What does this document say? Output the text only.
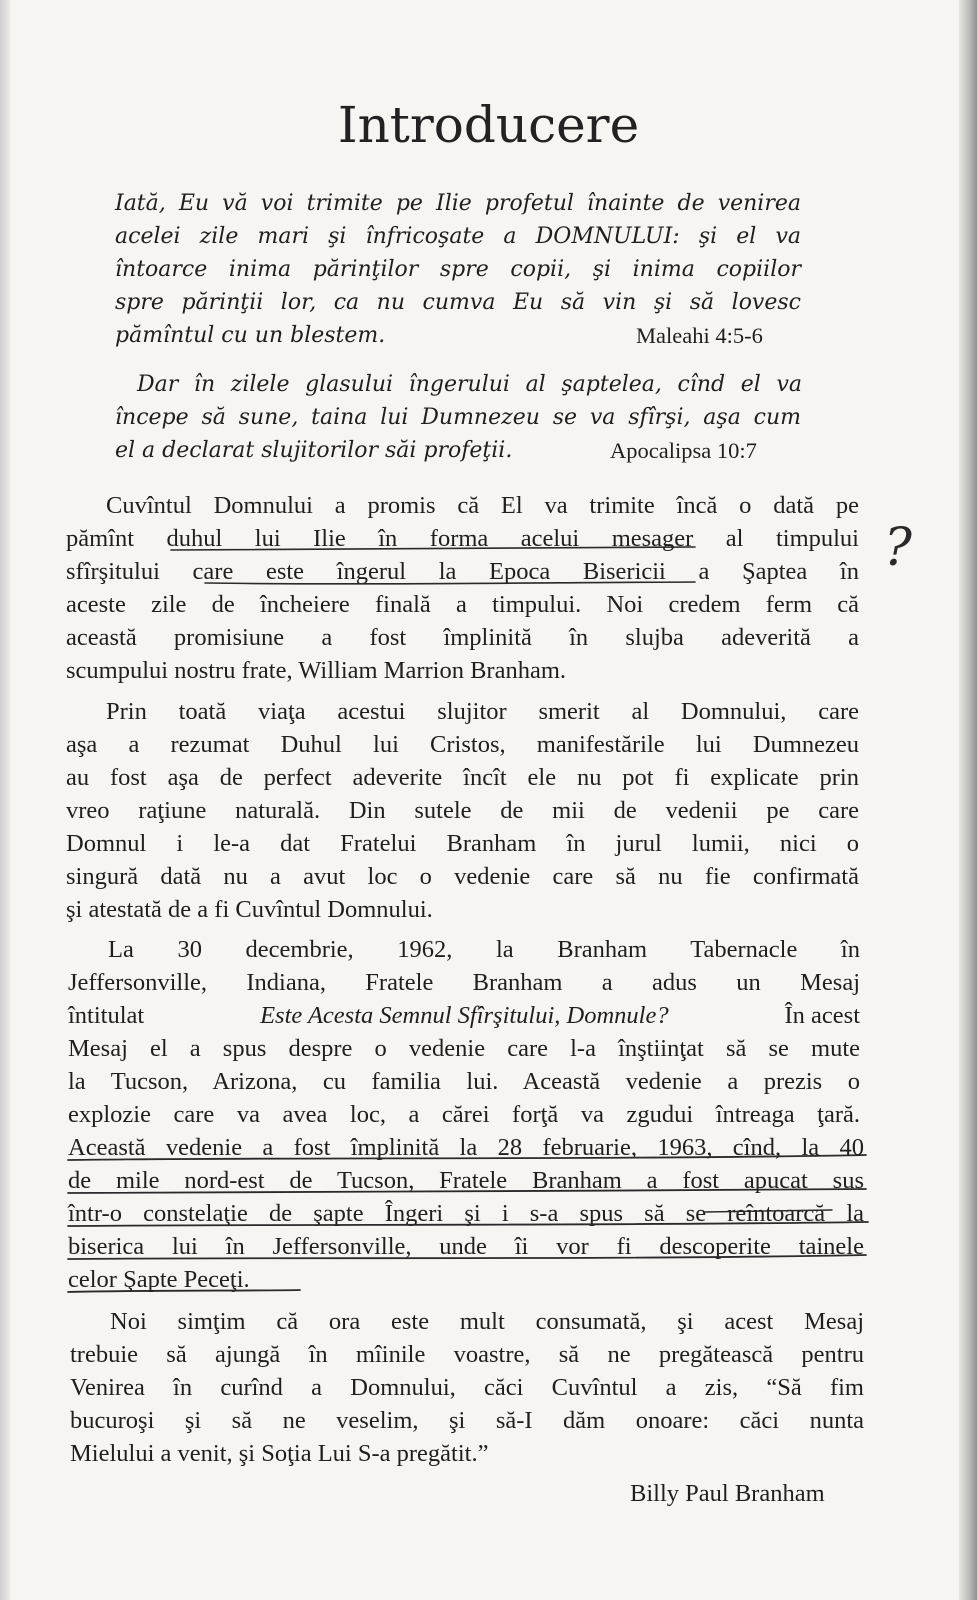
Introducere
Iată, Eu vă voi trimite pe Ilie profetul înainte de venirea
acelei zile mari şi înfricoşate a DOMNULUI: şi el va
întoarce inima părinţilor spre copii, şi inima copiilor
spre părinţii lor, ca nu cumva Eu să vin şi să lovesc
pămîntul cu un blestem.	Maleahi 4:5-6
Dar în zilele glasului îngerului al şaptelea, cînd el va
începe să sune, taina lui Dumnezeu se va sfîrşi, aşa cum
el a declarat slujitorilor săi profeţii.	Apocalipsa 10:7
Cuvîntul Domnului a promis că El va trimite încă o dată pe
pămînt duhul lui Ilie în forma acelui mesager al timpului
sfîrşitului care este îngerul la Epoca Bisericii a Şaptea în
aceste zile de încheiere finală a timpului. Noi credem ferm că
această promisiune a fost împlinită în slujba adeverită a
scumpului nostru frate, William Marrion Branham.
Prin toată viaţa acestui slujitor smerit al Domnului, care
aşa a rezumat Duhul lui Cristos, manifestările lui Dumnezeu
au fost aşa de perfect adeverite încît ele nu pot fi explicate prin
vreo raţiune naturală. Din sutele de mii de vedenii pe care
Domnul i le-a dat Fratelui Branham în jurul lumii, nici o
singură dată nu a avut loc o vedenie care să nu fie confirmată
şi atestată de a fi Cuvîntul Domnului.
La 30 decembrie, 1962, la Branham Tabernacle în
Jeffersonville, Indiana, Fratele Branham a adus un Mesaj
întitulat	Este Acesta Semnul Sfîrşitului, Domnule?	În acest
Mesaj el a spus despre o vedenie care l-a înştiinţat să se mute
la Tucson, Arizona, cu familia lui. Această vedenie a prezis o
explozie care va avea loc, a cărei forţă va zgudui întreaga ţară.
Această vedenie a fost împlinită la 28 februarie, 1963, cînd, la 40
de mile nord-est de Tucson, Fratele Branham a fost apucat sus
într-o constelaţie de şapte Îngeri şi i s-a spus să se reîntoarcă la
biserica lui în Jeffersonville, unde îi vor fi descoperite tainele
celor Şapte Peceţi.
Noi simţim că ora este mult consumată, şi acest Mesaj
trebuie să ajungă în mîinile voastre, să ne pregătească pentru
Venirea în curînd a Domnului, căci Cuvîntul a zis, “Să fim
bucuroşi şi să ne veselim, şi să-I dăm onoare: căci nunta
Mielului a venit, şi Soţia Lui S-a pregătit.”
Billy Paul Branham
?
